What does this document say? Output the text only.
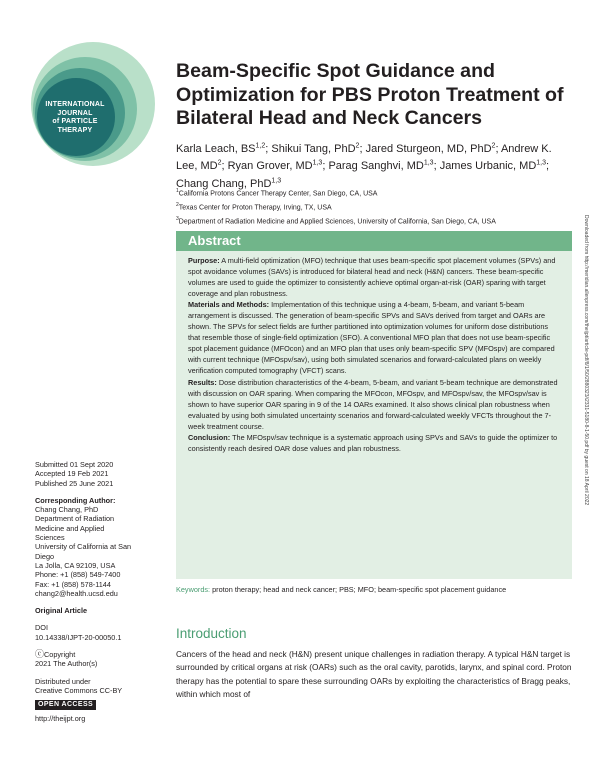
INTERNATIONAL
JOURNAL
of PARTICLE
THERAPY
Beam-Specific Spot Guidance and Optimization for PBS Proton Treatment of Bilateral Head and Neck Cancers
Karla Leach, BS$^{1,2}$; Shikui Tang, PhD$^2$; Jared Sturgeon, MD, PhD$^2$; Andrew K. Lee, $MD^2$; Ryan Grover, MD$^{1,3}$; Parag Sanghvi, MD$^{1,3}$; James Urbanic, MD$^{1,3}$; Chang Chang, PhD$^{1,3}$
$^1$California Protons Cancer Therapy Center, San Diego, CA, USA
$^2$Texas Center for Proton Therapy, Irving, TX, USA
$^3$Department of Radiation Medicine and Applied Sciences, University of California, San Diego, CA, USA	Downloaded from http://meridian.allenpress.com/theijpt/article-pdf/8/1/50/2880323/i2331-5180-8-1-50.pdf by guest on 18 April 2022
Abstract

Purpose: A multi-field optimization (MFO) technique that uses beam-specific spot placement volumes (SPVs) and spot avoidance volumes (SAVs) is introduced for bilateral head and neck (H&N) cancers. These beam-specific volumes are used to guide the optimizer to consistently achieve optimal organ-at-risk (OAR) sparing with target coverage and plan robustness.

Materials and Methods: Implementation of this technique using a 4-beam, 5-beam, and variant 5-beam arrangement is discussed. The generation of beam-specific SPVs and SAVs derived from target and OARs are shown. The SPVs for select fields are further partitioned into optimization volumes for uniform dose distributions that resemble those of single-field optimization (SFO). A conventional MFO plan that does not use beam-specific spot placement guidance (MFOcon) and an MFO plan that uses only beam-specific SPV (MFOspv) are compared with current technique (MFOspv/sav), using both simulated scenarios and forward-calculated plans on weekly verification computed tomography (VFCT) scans.

Results: Dose distribution characteristics of the 4-beam, 5-beam, and variant 5-beam technique are demonstrated with discussion on OAR sparing. When comparing the MFOcon, MFOspv, and MFOspv/sav, the MFOspv/sav is shown to have superior OAR sparing in 9 of the 14 OARs examined. It also shows clinical plan robustness when evaluated by using both simulated uncertainty scenarios and forward-calculated weekly VFCTs throughout the 7-week treatment course.

Conclusion: The MFOspv/sav technique is a systematic approach using SPVs and SAVs to guide the optimizer to consistently reach desired OAR dose values and plan robustness.

Keywords: proton therapy; head and neck cancer; PBS; MFO; beam-specific spot placement guidance
Introduction

Cancers of the head and neck (H&N) present unique challenges in radiation therapy. A typical H&N target is surrounded by critical organs at risk (OARs) such as the oral cavity, parotids, larynx, and spinal cord. Proton therapy has the potential to spare these surrounding OARs by exploiting the characteristics of Bragg peaks, within which most of

Submitted 01 Sept 2020
Accepted 19 Feb 2021
Published 25 June 2021
Corresponding Author:
Chang Chang, PhD
Department of Radiation
Medicine and Applied
Sciences
University of California at San
Diego
La Jolla, CA 92109, USA
Phone: +1 (858) 549-7400
Fax: +1 (858) 578-1144
chang2@health.ucsd.edu
Original Article
DOI
10.14338/IJPT-20-00050.1
ⓒCopyright
2021 The Author(s)
Distributed under
Creative Commons CC-BY
OPEN ACCESS
http://theijpt.org
